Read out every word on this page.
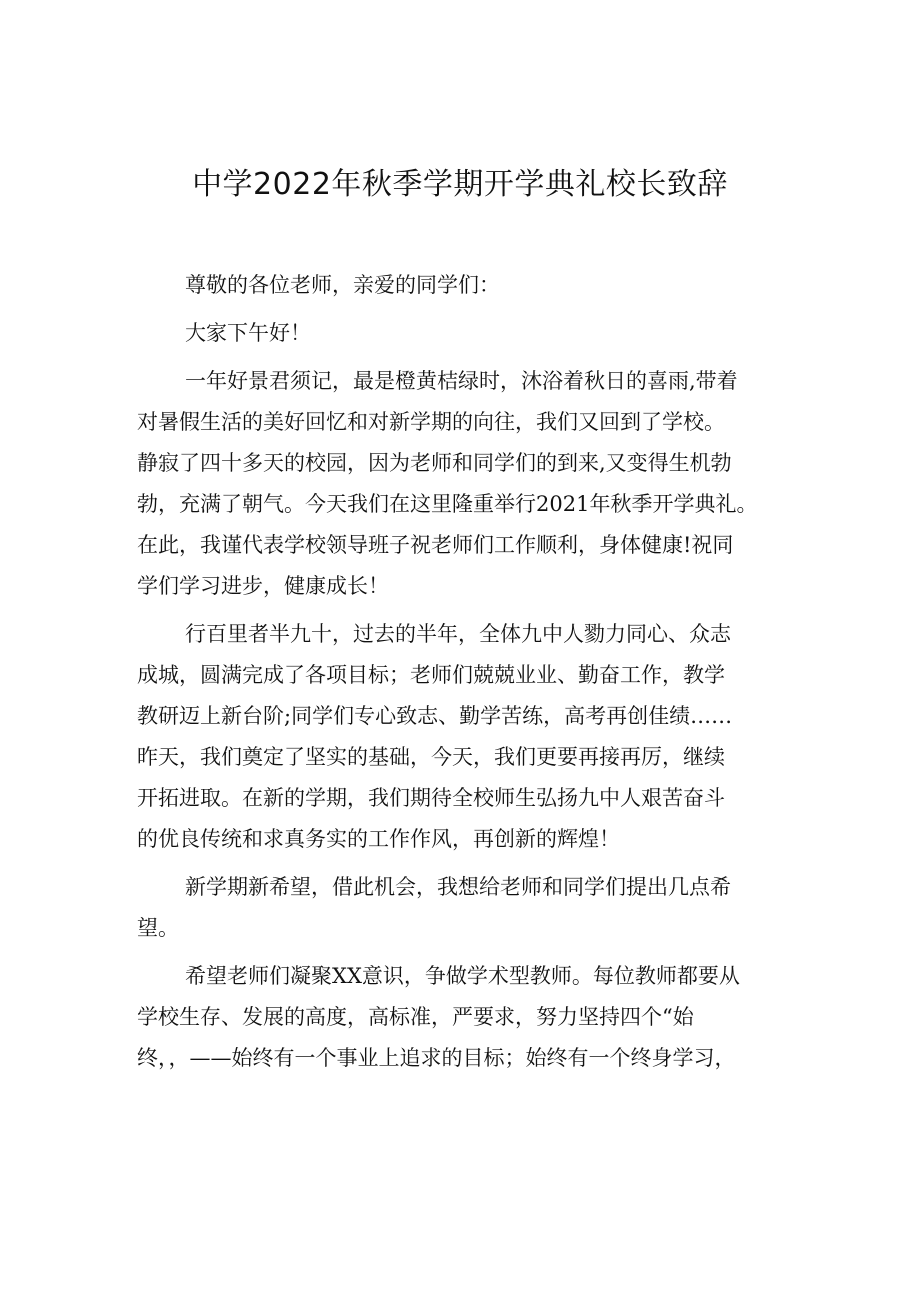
中学2022年秋季学期开学典礼校长致辞
尊敬的各位老师，亲爱的同学们：
大家下午好！
一年好景君须记，最是橙黄桔绿时，沐浴着秋日的喜雨,带着
对暑假生活的美好回忆和对新学期的向往，我们又回到了学校。
静寂了四十多天的校园，因为老师和同学们的到来,又变得生机勃
勃，充满了朝气。今天我们在这里隆重举行2021年秋季开学典礼。
在此，我谨代表学校领导班子祝老师们工作顺利，身体健康!祝同
学们学习进步，健康成长！
行百里者半九十，过去的半年，全体九中人勠力同心、众志
成城，圆满完成了各项目标；老师们兢兢业业、勤奋工作，教学
教研迈上新台阶;同学们专心致志、勤学苦练，高考再创佳绩……
昨天，我们奠定了坚实的基础，今天，我们更要再接再厉，继续
开拓进取。在新的学期，我们期待全校师生弘扬九中人艰苦奋斗
的优良传统和求真务实的工作作风，再创新的辉煌！
新学期新希望，借此机会，我想给老师和同学们提出几点希
望。
希望老师们凝聚XX意识，争做学术型教师。每位教师都要从
学校生存、发展的高度，高标准，严要求，努力坚持四个“始
终，，——始终有一个事业上追求的目标；始终有一个终身学习，
